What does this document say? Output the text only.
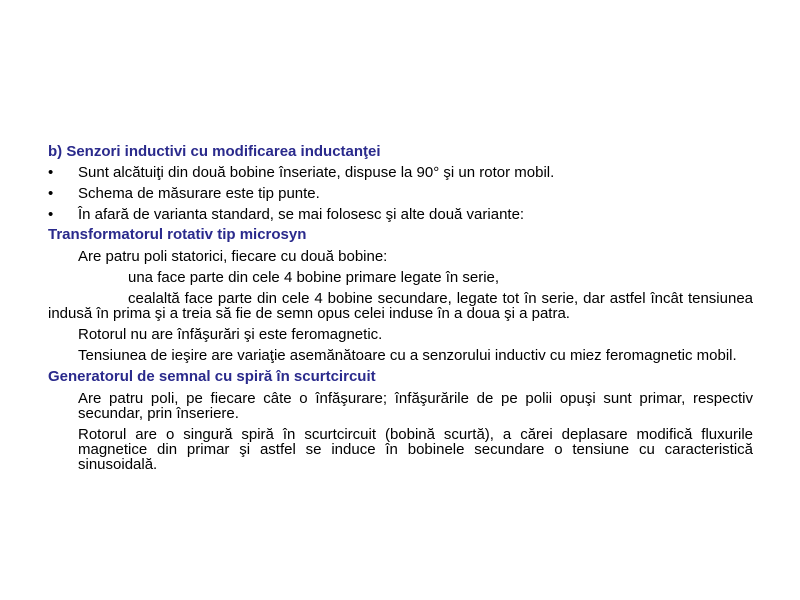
b) Senzori inductivi cu modificarea inductanţei

• Sunt alcătuiţi din două bobine înseriate, dispuse la 90° şi un rotor mobil.
• Schema de măsurare este tip punte.
• În afară de varianta standard, se mai folosesc şi alte două variante:

Transformatorul rotativ tip microsyn

Are patru poli statorici, fiecare cu două bobine:

una face parte din cele 4 bobine primare legate în serie,

cealaltă face parte din cele 4 bobine secundare, legate tot în serie, dar astfel încât tensiunea indusă în prima şi a treia să fie de semn opus celei induse în a doua şi a patra.

Rotorul nu are înfăşurări şi este feromagnetic.

Tensiunea de ieşire are variaţie asemănătoare cu a senzorului inductiv cu miez feromagnetic mobil.

Generatorul de semnal cu spiră în scurtcircuit

Are patru poli, pe fiecare câte o înfăşurare; înfăşurările de pe polii opuşi sunt primar, respectiv secundar, prin înseriere.

Rotorul are o singură spiră în scurtcircuit (bobină scurtă), a cărei deplasare modifică fluxurile magnetice din primar şi astfel se induce în bobinele secundare o tensiune cu caracteristică sinusoidală.
